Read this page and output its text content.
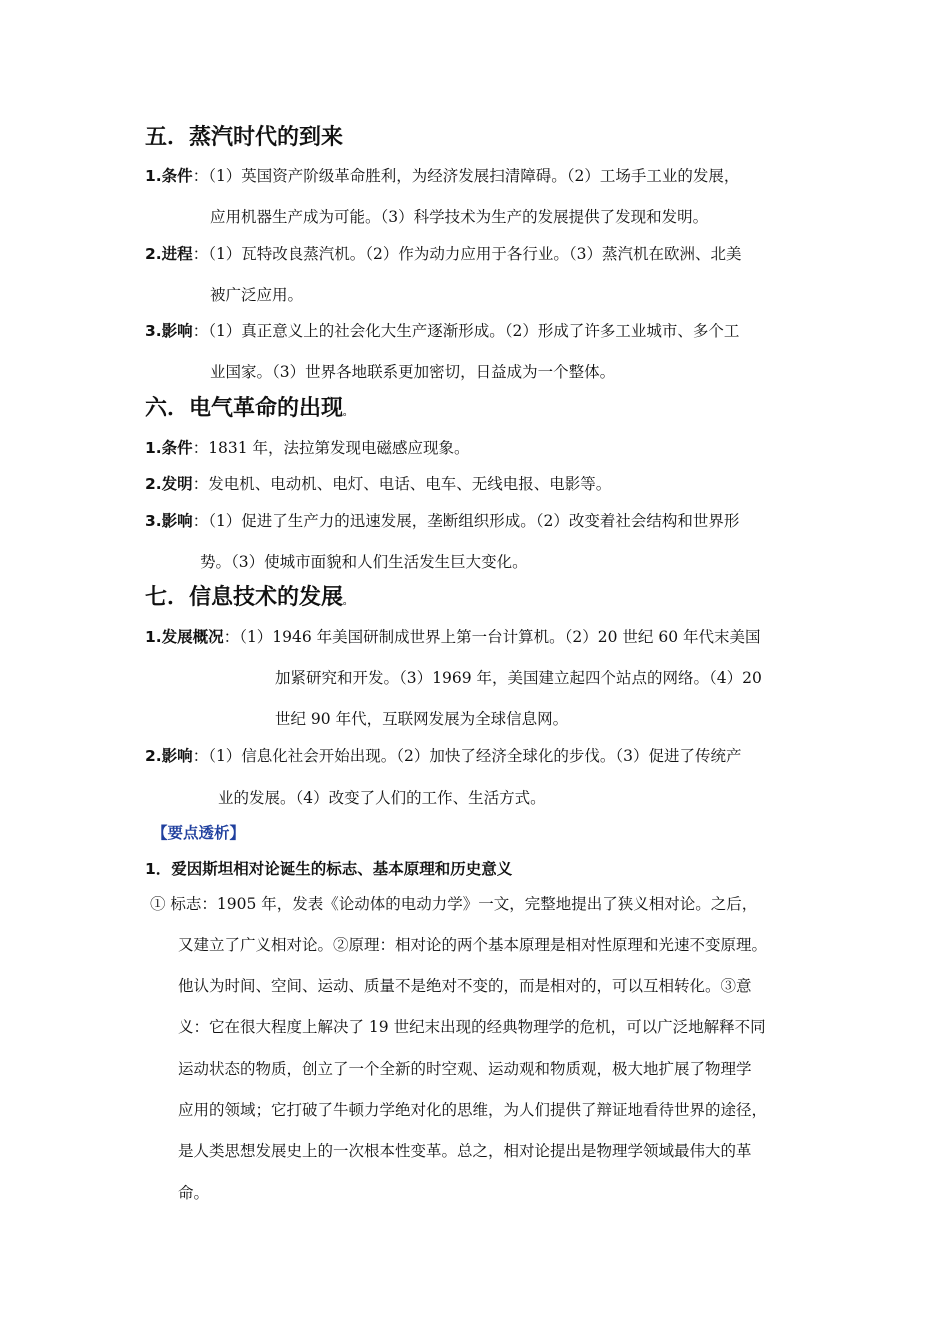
五．蒸汽时代的到来
1.条件：（1）英国资产阶级革命胜利，为经济发展扫清障碍。（2）工场手工业的发展，
应用机器生产成为可能。（3）科学技术为生产的发展提供了发现和发明。
2.进程：（1）瓦特改良蒸汽机。（2）作为动力应用于各行业。（3）蒸汽机在欧洲、北美
被广泛应用。
3.影响：（1）真正意义上的社会化大生产逐渐形成。（2）形成了许多工业城市、多个工
业国家。（3）世界各地联系更加密切，日益成为一个整体。
六．电气革命的出现。
1.条件：1831 年，法拉第发现电磁感应现象。
2.发明：发电机、电动机、电灯、电话、电车、无线电报、电影等。
3.影响：（1）促进了生产力的迅速发展，垄断组织形成。（2）改变着社会结构和世界形
势。（3）使城市面貌和人们生活发生巨大变化。
七．信息技术的发展。
1.发展概况：（1）1946 年美国研制成世界上第一台计算机。（2）20 世纪 60 年代末美国
加紧研究和开发。（3）1969 年，美国建立起四个站点的网络。（4）20
世纪 90 年代，互联网发展为全球信息网。
2.影响：（1）信息化社会开始出现。（2）加快了经济全球化的步伐。（3）促进了传统产
业的发展。（4）改变了人们的工作、生活方式。
【要点透析】
1．爱因斯坦相对论诞生的标志、基本原理和历史意义
① 标志：1905 年，发表《论动体的电动力学》一文，完整地提出了狭义相对论。之后，
又建立了广义相对论。②原理：相对论的两个基本原理是相对性原理和光速不变原理。
他认为时间、空间、运动、质量不是绝对不变的，而是相对的，可以互相转化。③意
义：它在很大程度上解决了 19 世纪末出现的经典物理学的危机，可以广泛地解释不同
运动状态的物质，创立了一个全新的时空观、运动观和物质观，极大地扩展了物理学
应用的领域；它打破了牛顿力学绝对化的思维，为人们提供了辩证地看待世界的途径，
是人类思想发展史上的一次根本性变革。总之，相对论提出是物理学领域最伟大的革
命。
